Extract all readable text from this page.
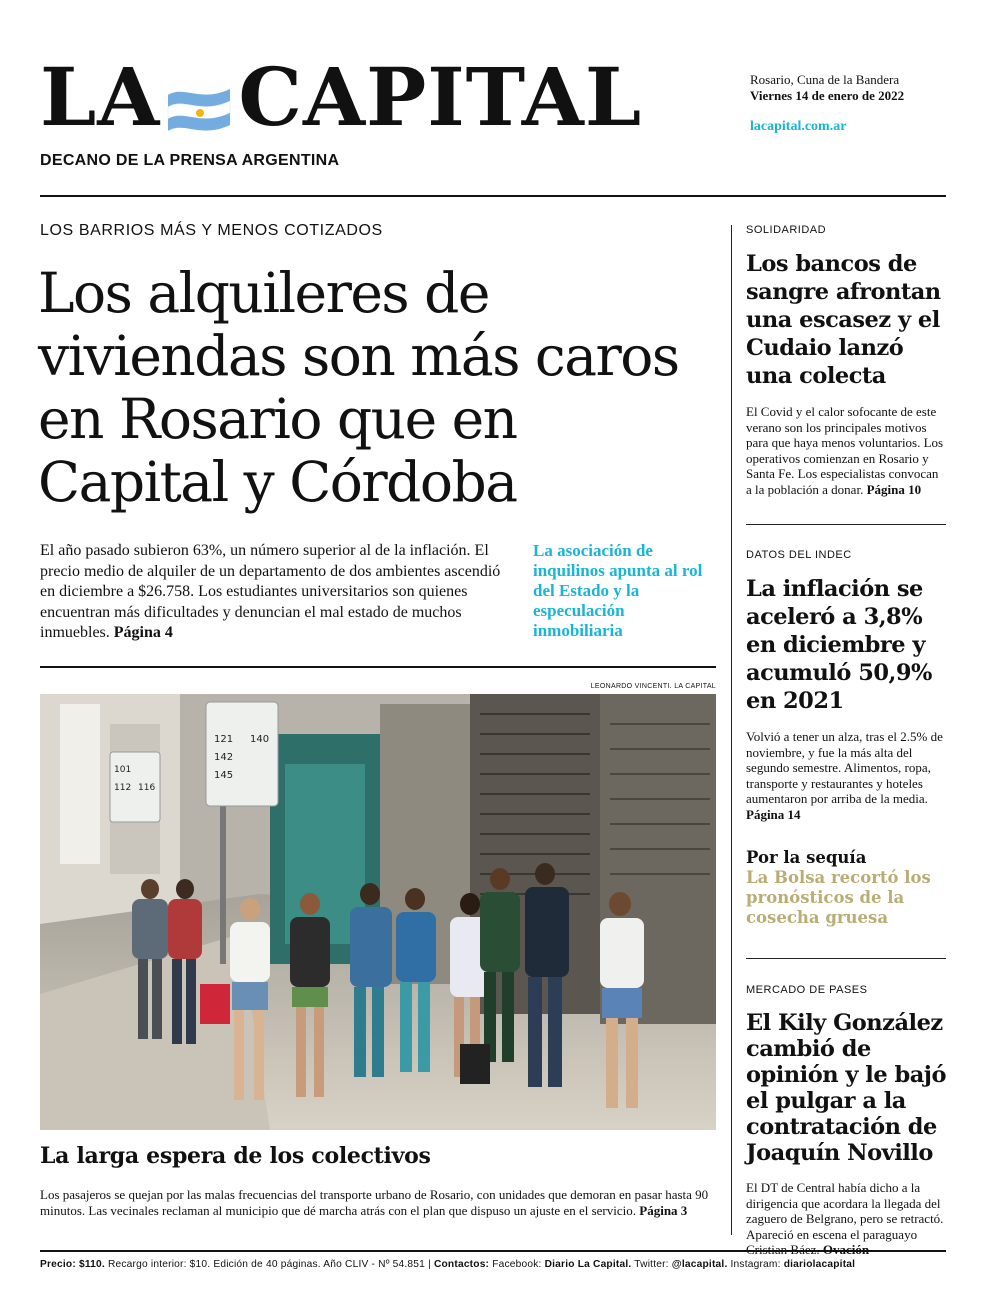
LA CAPITAL
DECANO DE LA PRENSA ARGENTINA
Rosario, Cuna de la Bandera
Viernes 14 de enero de 2022
lacapital.com.ar
LOS BARRIOS MÁS Y MENOS COTIZADOS
Los alquileres de viviendas son más caros en Rosario que en Capital y Córdoba

El año pasado subieron 63%, un número superior al de la inflación. El precio medio de alquiler de un departamento de dos ambientes ascendió en diciembre a $26.758. Los estudiantes universitarios son quienes encuentran más dificultades y denuncian el mal estado de muchos inmuebles. Página 4

La asociación de inquilinos apunta al rol del Estado y la especulación inmobiliaria
LEONARDO VINCENTI. LA CAPITAL
121 140
142
145
101
112 116
La larga espera de los colectivos

Los pasajeros se quejan por las malas frecuencias del transporte urbano de Rosario, con unidades que demoran en pasar hasta 90 minutos. Las vecinales reclaman al municipio que dé marcha atrás con el plan que dispuso un ajuste en el servicio. Página 3

SOLIDARIDAD
Los bancos de sangre afrontan una escasez y el Cudaio lanzó una colecta

El Covid y el calor sofocante de este verano son los principales motivos para que haya menos voluntarios. Los operativos comienzan en Rosario y Santa Fe. Los especialistas convocan a la población a donar. Página 10

DATOS DEL INDEC
La inflación se aceleró a 3,8% en diciembre y acumuló 50,9% en 2021

Volvió a tener un alza, tras el 2.5% de noviembre, y fue la más alta del segundo semestre. Alimentos, ropa, transporte y restaurantes y hoteles aumentaron por arriba de la media. Página 14

Por la sequía
La Bolsa recortó los pronósticos de la cosecha gruesa
MERCADO DE PASES
El Kily González cambió de opinión y le bajó el pulgar a la contratación de Joaquín Novillo

El DT de Central había dicho a la dirigencia que acordara la llegada del zaguero de Belgrano, pero se retractó. Apareció en escena el paraguayo

Precio: $110. Recargo interior: $10. Edición de 40 páginas. Año CLIV - Nº 54.851 | Contactos: Facebook: Diario La Capital. Twitter: @lacapital. Instagram: diariolacapital
